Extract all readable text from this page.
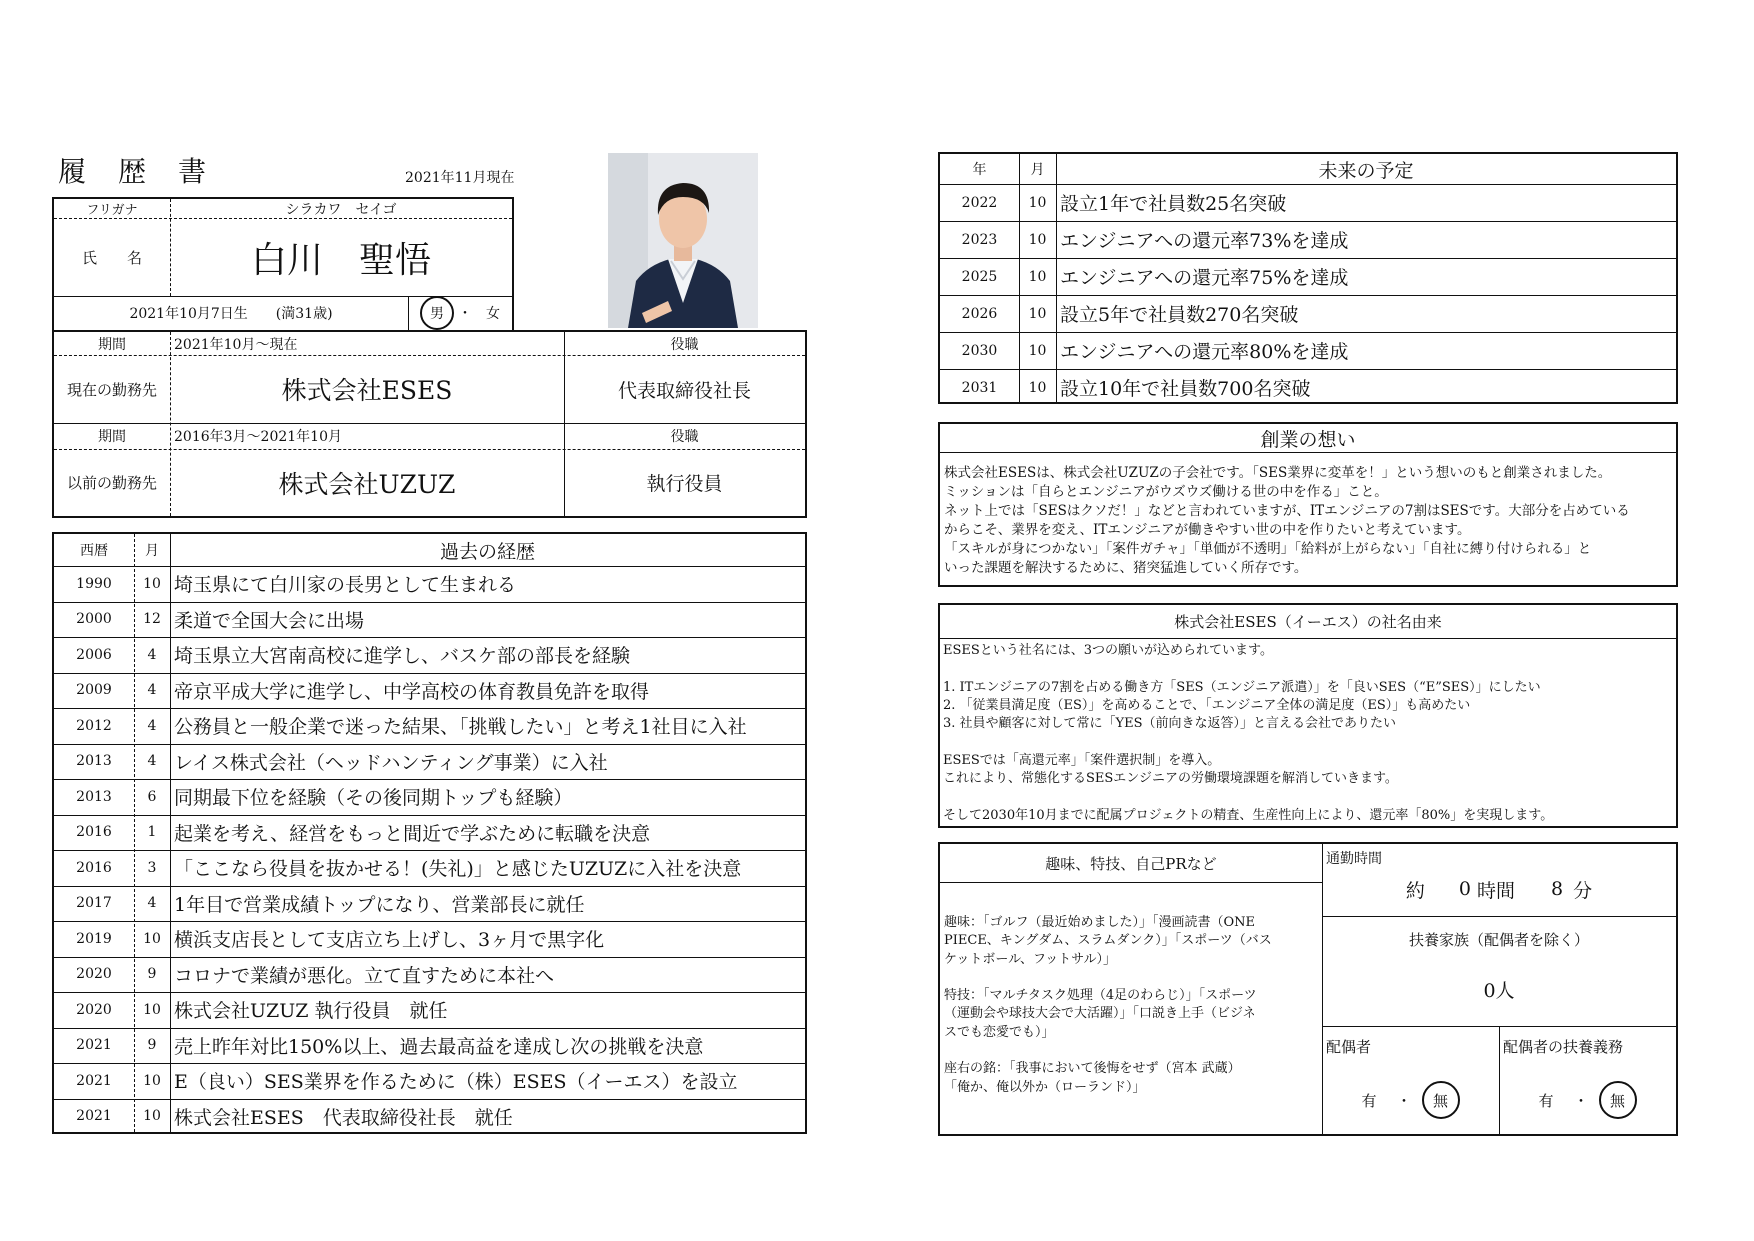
履　歴　書	2021年11月現在
フリガナ	シラカワ　セイゴ
氏　　名	白川　聖悟
2021年10月7日生　　(満31歳)	男	・ 女
期間	2021年10月～現在	役職
現在の勤務先	株式会社ESES	代表取締役社長
期間	2016年3月～2021年10月	役職
以前の勤務先	株式会社UZUZ	執行役員
西暦	月	過去の経歴
1990	10 埼玉県にて白川家の長男として生まれる
2000	12 柔道で全国大会に出場
2006	4 埼玉県立大宮南高校に進学し、バスケ部の部長を経験
2009	4 帝京平成大学に進学し、中学高校の体育教員免許を取得
2012	4 公務員と一般企業で迷った結果、「挑戦したい」と考え1社目に入社
2013	4 レイス株式会社（ヘッドハンティング事業）に入社
2013	6 同期最下位を経験（その後同期トップも経験）
2016	1 起業を考え、経営をもっと間近で学ぶために転職を決意
2016	3 「ここなら役員を抜かせる！(失礼)」と感じたUZUZに入社を決意
2017	4 1年目で営業成績トップになり、営業部長に就任
2019	10 横浜支店長として支店立ち上げし、3ヶ月で黒字化
2020	9 コロナで業績が悪化。立て直すために本社へ
2020	10 株式会社UZUZ 執行役員　就任
2021	9 売上昨年対比150%以上、過去最高益を達成し次の挑戦を決意
2021	10 E（良い）SES業界を作るために（株）ESES（イーエス）を設立
2021	10 株式会社ESES　代表取締役社長　就任
年	月	未来の予定
2022	10 設立1年で社員数25名突破
2023	10 エンジニアへの還元率73%を達成
2025	10 エンジニアへの還元率75%を達成
2026	10 設立5年で社員数270名突破
2030	10 エンジニアへの還元率80%を達成
2031	10 設立10年で社員数700名突破
創業の想い
株式会社ESESは、株式会社UZUZの子会社です。「SES業界に変革を！」という想いのもと創業されました。
ミッションは「自らとエンジニアがウズウズ働ける世の中を作る」こと。
ネット上では「SESはクソだ！」などと言われていますが、ITエンジニアの7割はSESです。大部分を占めている
からこそ、業界を変え、ITエンジニアが働きやすい世の中を作りたいと考えています。
「スキルが身につかない」「案件ガチャ」「単価が不透明」「給料が上がらない」「自社に縛り付けられる」と
いった課題を解決するために、猪突猛進していく所存です。
株式会社ESES（イーエス）の社名由来
ESESという社名には、3つの願いが込められています。

1. ITエンジニアの7割を占める働き方「SES（エンジニア派遣）」を「良いSES（“E”SES）」にしたい
2. 「従業員満足度（ES）」を高めることで、「エンジニア全体の満足度（ES）」も高めたい
3. 社員や顧客に対して常に「YES（前向きな返答）」と言える会社でありたい

ESESでは「高還元率」「案件選択制」を導入。
これにより、常態化するSESエンジニアの労働環境課題を解消していきます。

そして2030年10月までに配属プロジェクトの精査、生産性向上により、還元率「80%」を実現します。
趣味、特技、自己PRなど
趣味：「ゴルフ（最近始めました）」「漫画読書（ONE
PIECE、キングダム、スラムダンク）」「スポーツ（バス
ケットボール、フットサル）」

特技：「マルチタスク処理（4足のわらじ）」「スポーツ
（運動会や球技大会で大活躍）」「口説き上手（ビジネ
スでも恋愛でも）」

座右の銘：「我事において後悔をせず（宮本 武蔵）
「俺か、俺以外か（ローランド）」
通勤時間
約 0 時間 8 分
扶養家族（配偶者を除く）
0人
配偶者
有 ・	無
配偶者の扶養義務
有 ・	無
